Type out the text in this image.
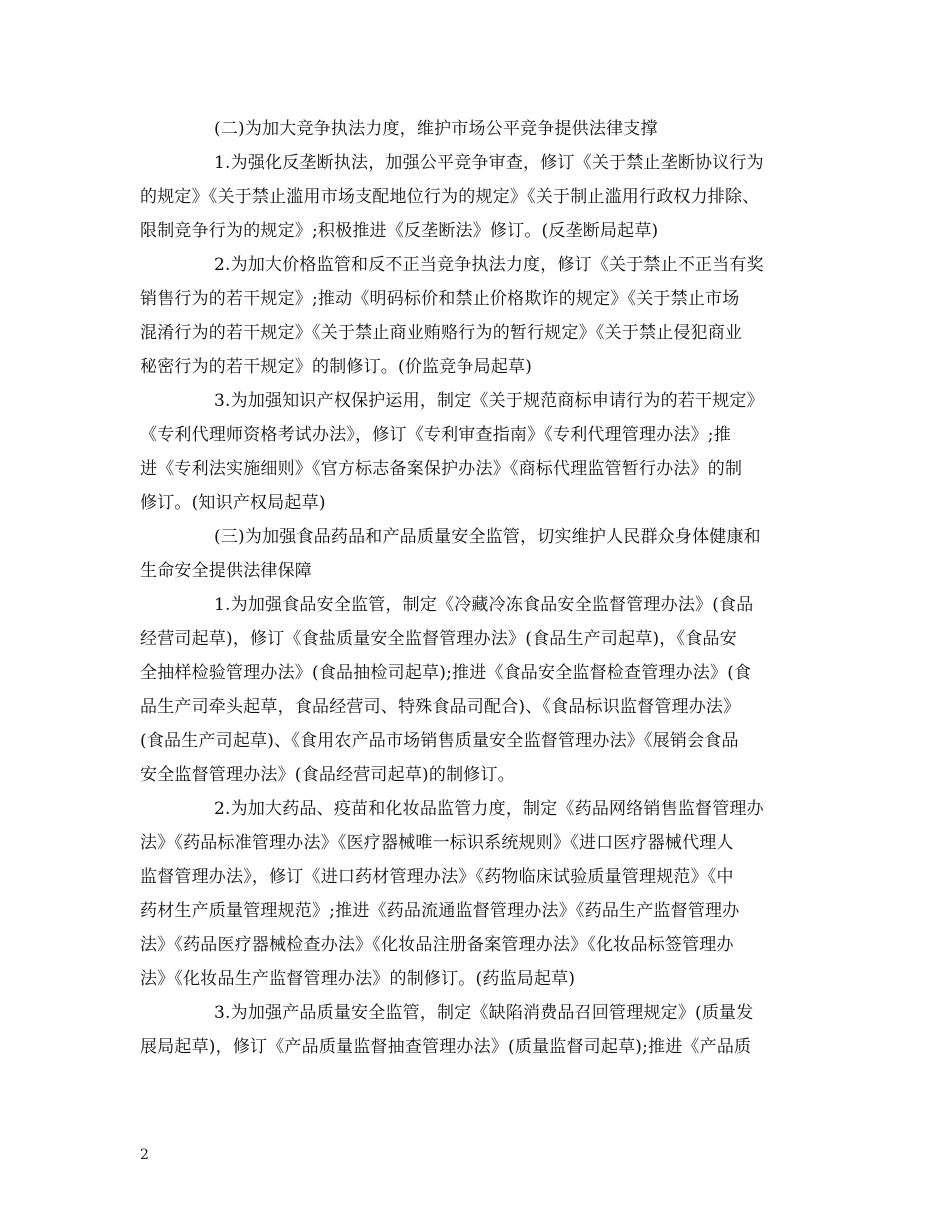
(二)为加大竞争执法力度，维护市场公平竞争提供法律支撑
1.为强化反垄断执法，加强公平竞争审查，修订《关于禁止垄断协议行为
的规定》《关于禁止滥用市场支配地位行为的规定》《关于制止滥用行政权力排除、
限制竞争行为的规定》;积极推进《反垄断法》修订。(反垄断局起草)
2.为加大价格监管和反不正当竞争执法力度，修订《关于禁止不正当有奖
销售行为的若干规定》;推动《明码标价和禁止价格欺诈的规定》《关于禁止市场
混淆行为的若干规定》《关于禁止商业贿赂行为的暂行规定》《关于禁止侵犯商业
秘密行为的若干规定》的制修订。(价监竞争局起草)
3.为加强知识产权保护运用，制定《关于规范商标申请行为的若干规定》
《专利代理师资格考试办法》，修订《专利审查指南》《专利代理管理办法》;推
进《专利法实施细则》《官方标志备案保护办法》《商标代理监管暂行办法》的制
修订。(知识产权局起草)
(三)为加强食品药品和产品质量安全监管，切实维护人民群众身体健康和
生命安全提供法律保障
1.为加强食品安全监管，制定《冷藏冷冻食品安全监督管理办法》(食品
经营司起草)，修订《食盐质量安全监督管理办法》(食品生产司起草)，《食品安
全抽样检验管理办法》(食品抽检司起草);推进《食品安全监督检查管理办法》(食
品生产司牵头起草，食品经营司、特殊食品司配合)、《食品标识监督管理办法》
(食品生产司起草)、《食用农产品市场销售质量安全监督管理办法》《展销会食品
安全监督管理办法》(食品经营司起草)的制修订。
2.为加大药品、疫苗和化妆品监管力度，制定《药品网络销售监督管理办
法》《药品标准管理办法》《医疗器械唯一标识系统规则》《进口医疗器械代理人
监督管理办法》，修订《进口药材管理办法》《药物临床试验质量管理规范》《中
药材生产质量管理规范》;推进《药品流通监督管理办法》《药品生产监督管理办
法》《药品医疗器械检查办法》《化妆品注册备案管理办法》《化妆品标签管理办
法》《化妆品生产监督管理办法》的制修订。(药监局起草)
3.为加强产品质量安全监管，制定《缺陷消费品召回管理规定》(质量发
展局起草)，修订《产品质量监督抽查管理办法》(质量监督司起草);推进《产品质
2
